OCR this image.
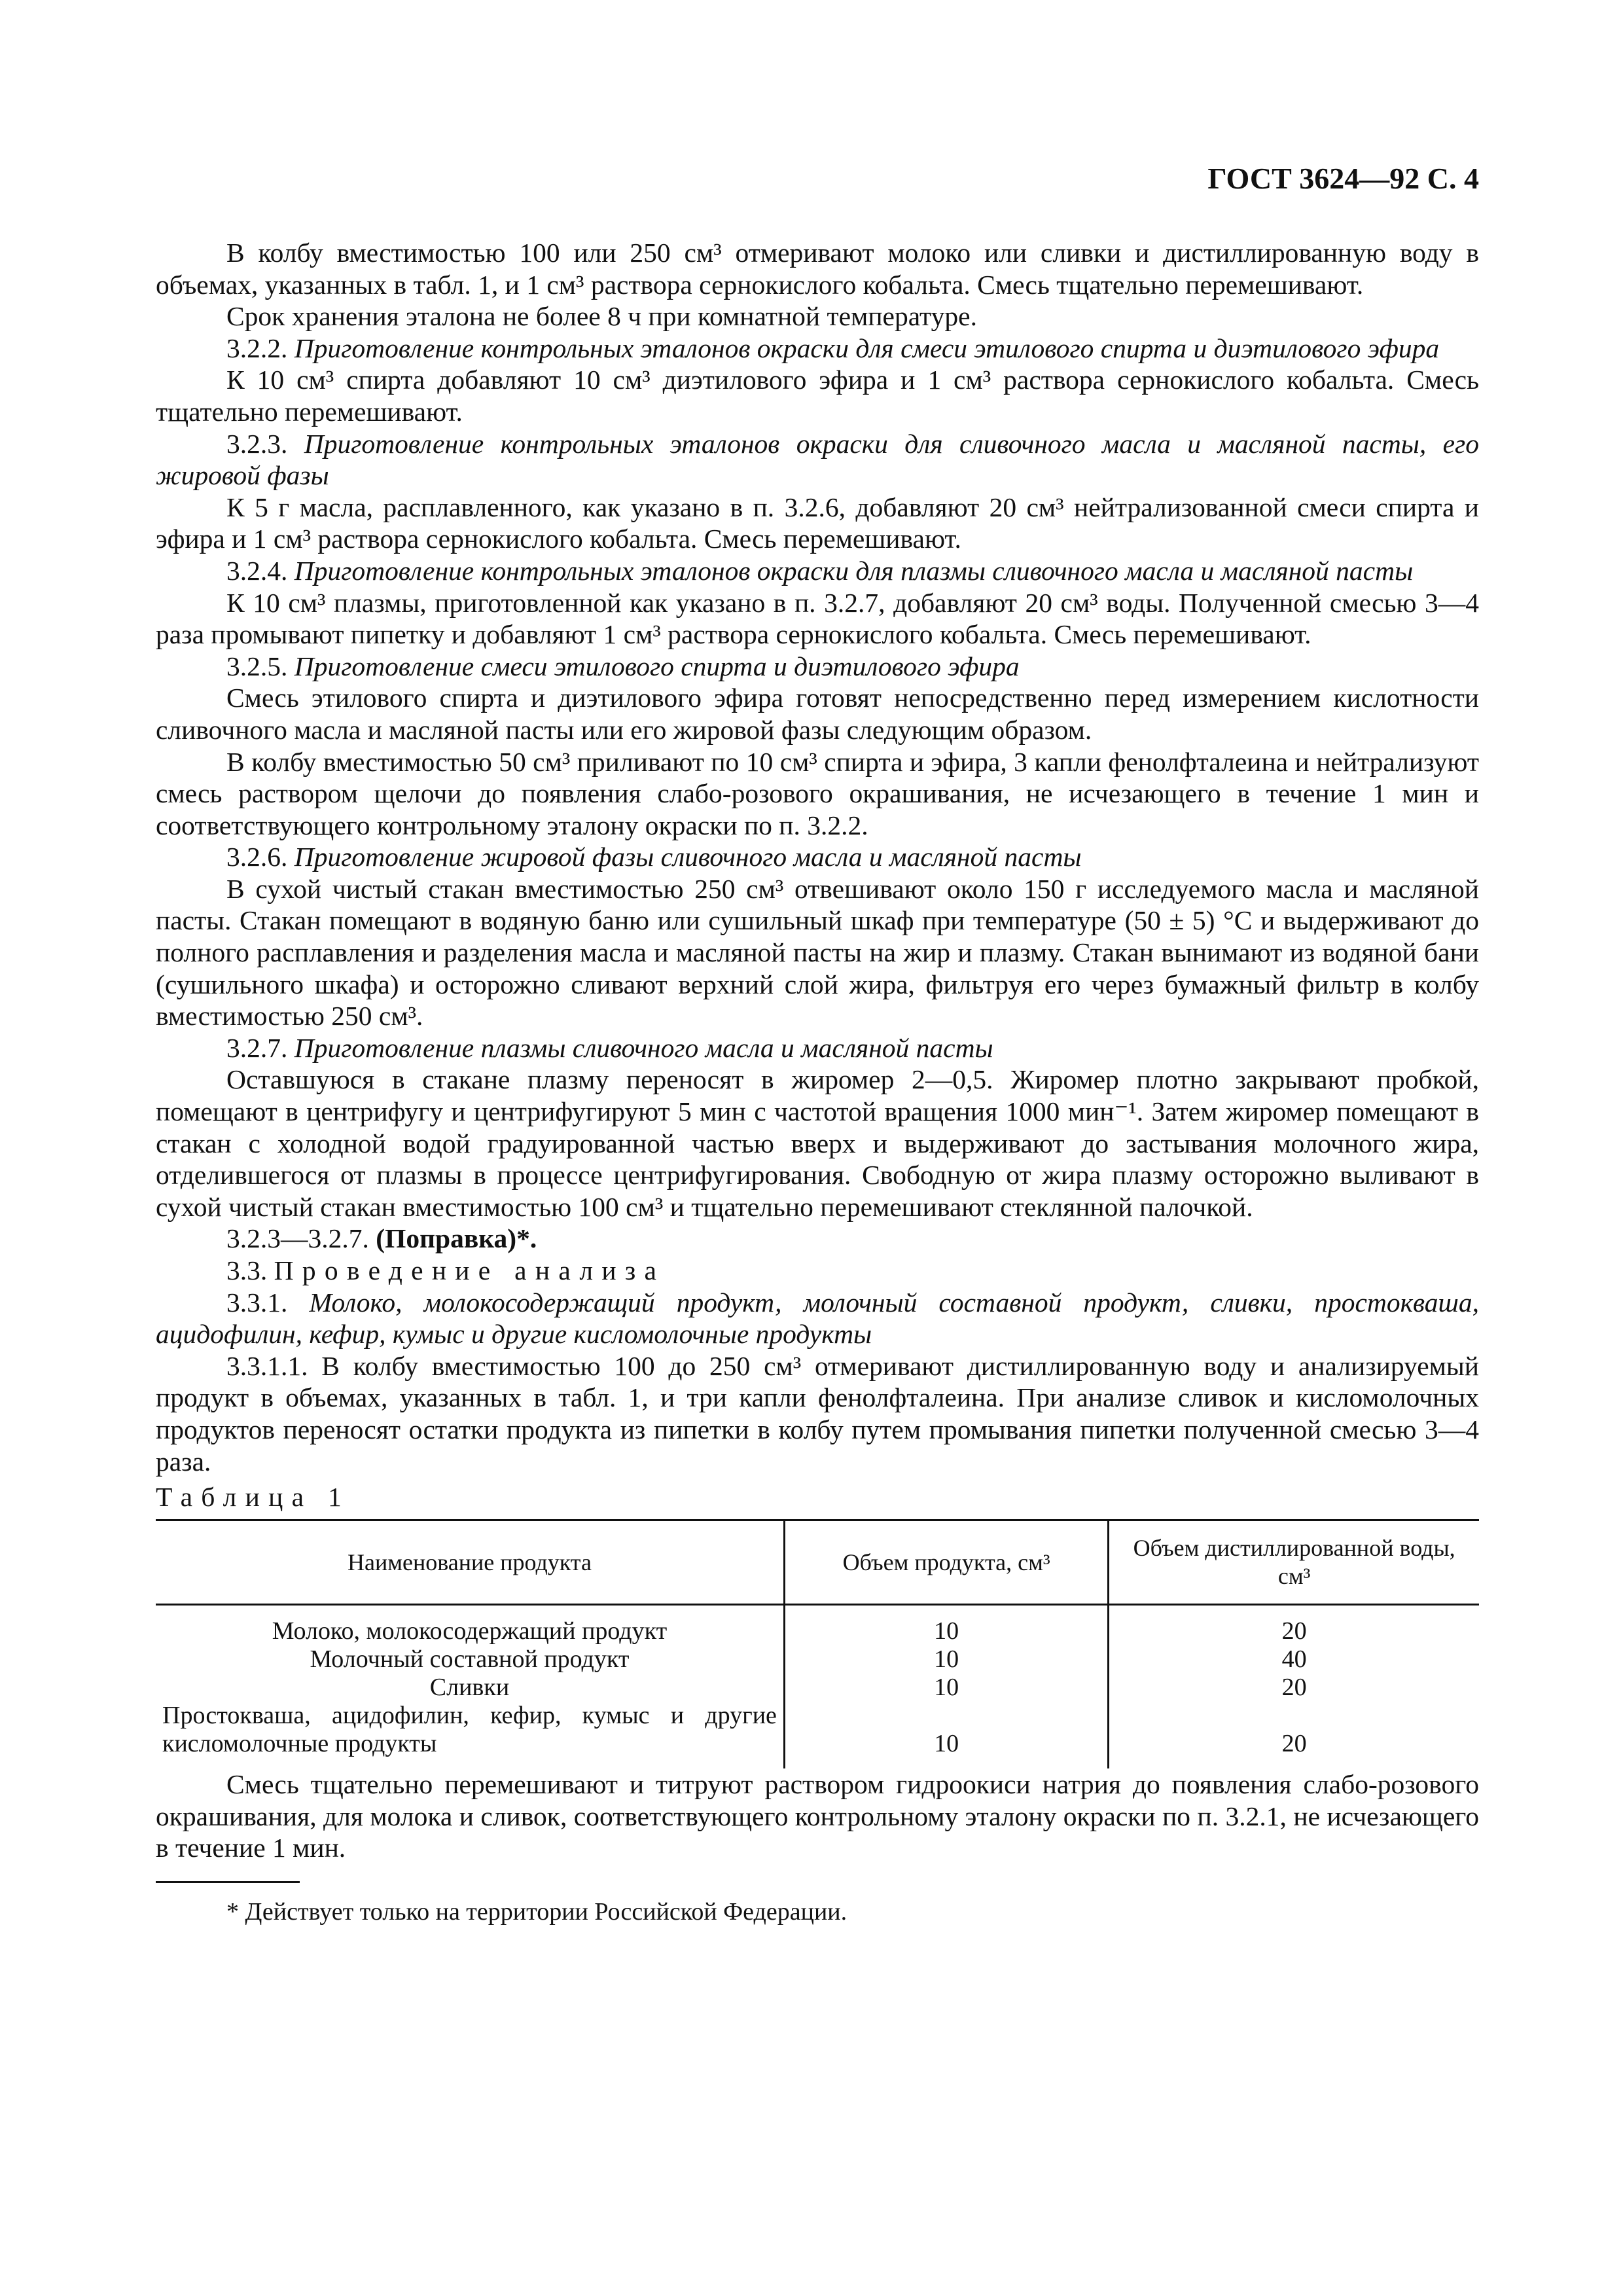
ГОСТ 3624—92 С. 4

В колбу вместимостью 100 или 250 см³ отмеривают молоко или сливки и дистиллированную воду в объемах, указанных в табл. 1, и 1 см³ раствора сернокислого кобальта. Смесь тщательно перемешивают.

Срок хранения эталона не более 8 ч при комнатной температуре.

3.2.2. Приготовление контрольных эталонов окраски для смеси этилового спирта и диэтилового эфира

К 10 см³ спирта добавляют 10 см³ диэтилового эфира и 1 см³ раствора сернокислого кобальта. Смесь тщательно перемешивают.

3.2.3. Приготовление контрольных эталонов окраски для сливочного масла и масляной пасты, его жировой фазы

К 5 г масла, расплавленного, как указано в п. 3.2.6, добавляют 20 см³ нейтрализованной смеси спирта и эфира и 1 см³ раствора сернокислого кобальта. Смесь перемешивают.

3.2.4. Приготовление контрольных эталонов окраски для плазмы сливочного масла и масляной пасты

К 10 см³ плазмы, приготовленной как указано в п. 3.2.7, добавляют 20 см³ воды. Полученной смесью 3—4 раза промывают пипетку и добавляют 1 см³ раствора сернокислого кобальта. Смесь перемешивают.

3.2.5. Приготовление смеси этилового спирта и диэтилового эфира

Смесь этилового спирта и диэтилового эфира готовят непосредственно перед измерением кислотности сливочного масла и масляной пасты или его жировой фазы следующим образом.

В колбу вместимостью 50 см³ приливают по 10 см³ спирта и эфира, 3 капли фенолфталеина и нейтрализуют смесь раствором щелочи до появления слабо-розового окрашивания, не исчезающего в течение 1 мин и соответствующего контрольному эталону окраски по п. 3.2.2.

3.2.6. Приготовление жировой фазы сливочного масла и масляной пасты

В сухой чистый стакан вместимостью 250 см³ отвешивают около 150 г исследуемого масла и масляной пасты. Стакан помещают в водяную баню или сушильный шкаф при температуре (50 ± 5) °С и выдерживают до полного расплавления и разделения масла и масляной пасты на жир и плазму. Стакан вынимают из водяной бани (сушильного шкафа) и осторожно сливают верхний слой жира, фильтруя его через бумажный фильтр в колбу вместимостью 250 см³.

3.2.7. Приготовление плазмы сливочного масла и масляной пасты

Оставшуюся в стакане плазму переносят в жиромер 2—0,5. Жиромер плотно закрывают пробкой, помещают в центрифугу и центрифугируют 5 мин с частотой вращения 1000 мин⁻¹. Затем жиромер помещают в стакан с холодной водой градуированной частью вверх и выдерживают до застывания молочного жира, отделившегося от плазмы в процессе центрифугирования. Свободную от жира плазму осторожно выливают в сухой чистый стакан вместимостью 100 см³ и тщательно перемешивают стеклянной палочкой.

3.2.3—3.2.7. (Поправка)*.

3.3. Проведение анализа

3.3.1. Молоко, молокосодержащий продукт, молочный составной продукт, сливки, простокваша, ацидофилин, кефир, кумыс и другие кисломолочные продукты

3.3.1.1. В колбу вместимостью 100 до 250 см³ отмеривают дистиллированную воду и анализируемый продукт в объемах, указанных в табл. 1, и три капли фенолфталеина. При анализе сливок и кисломолочных продуктов переносят остатки продукта из пипетки в колбу путем промывания пипетки полученной смесью 3—4 раза.

Таблица 1

Наименование продукта	Объем продукта, см³	Объем дистиллированной воды, см³
Молоко, молокосодержащий продукт	10	20
Молочный составной продукт	10	40
Сливки	10	20
Простокваша, ацидофилин, кефир, кумыс и другие кисломолочные продукты	10	20

Смесь тщательно перемешивают и титруют раствором гидроокиси натрия до появления слабо-розового окрашивания, для молока и сливок, соответствующего контрольному эталону окраски по п. 3.2.1, не исчезающего в течение 1 мин.

* Действует только на территории Российской Федерации.
